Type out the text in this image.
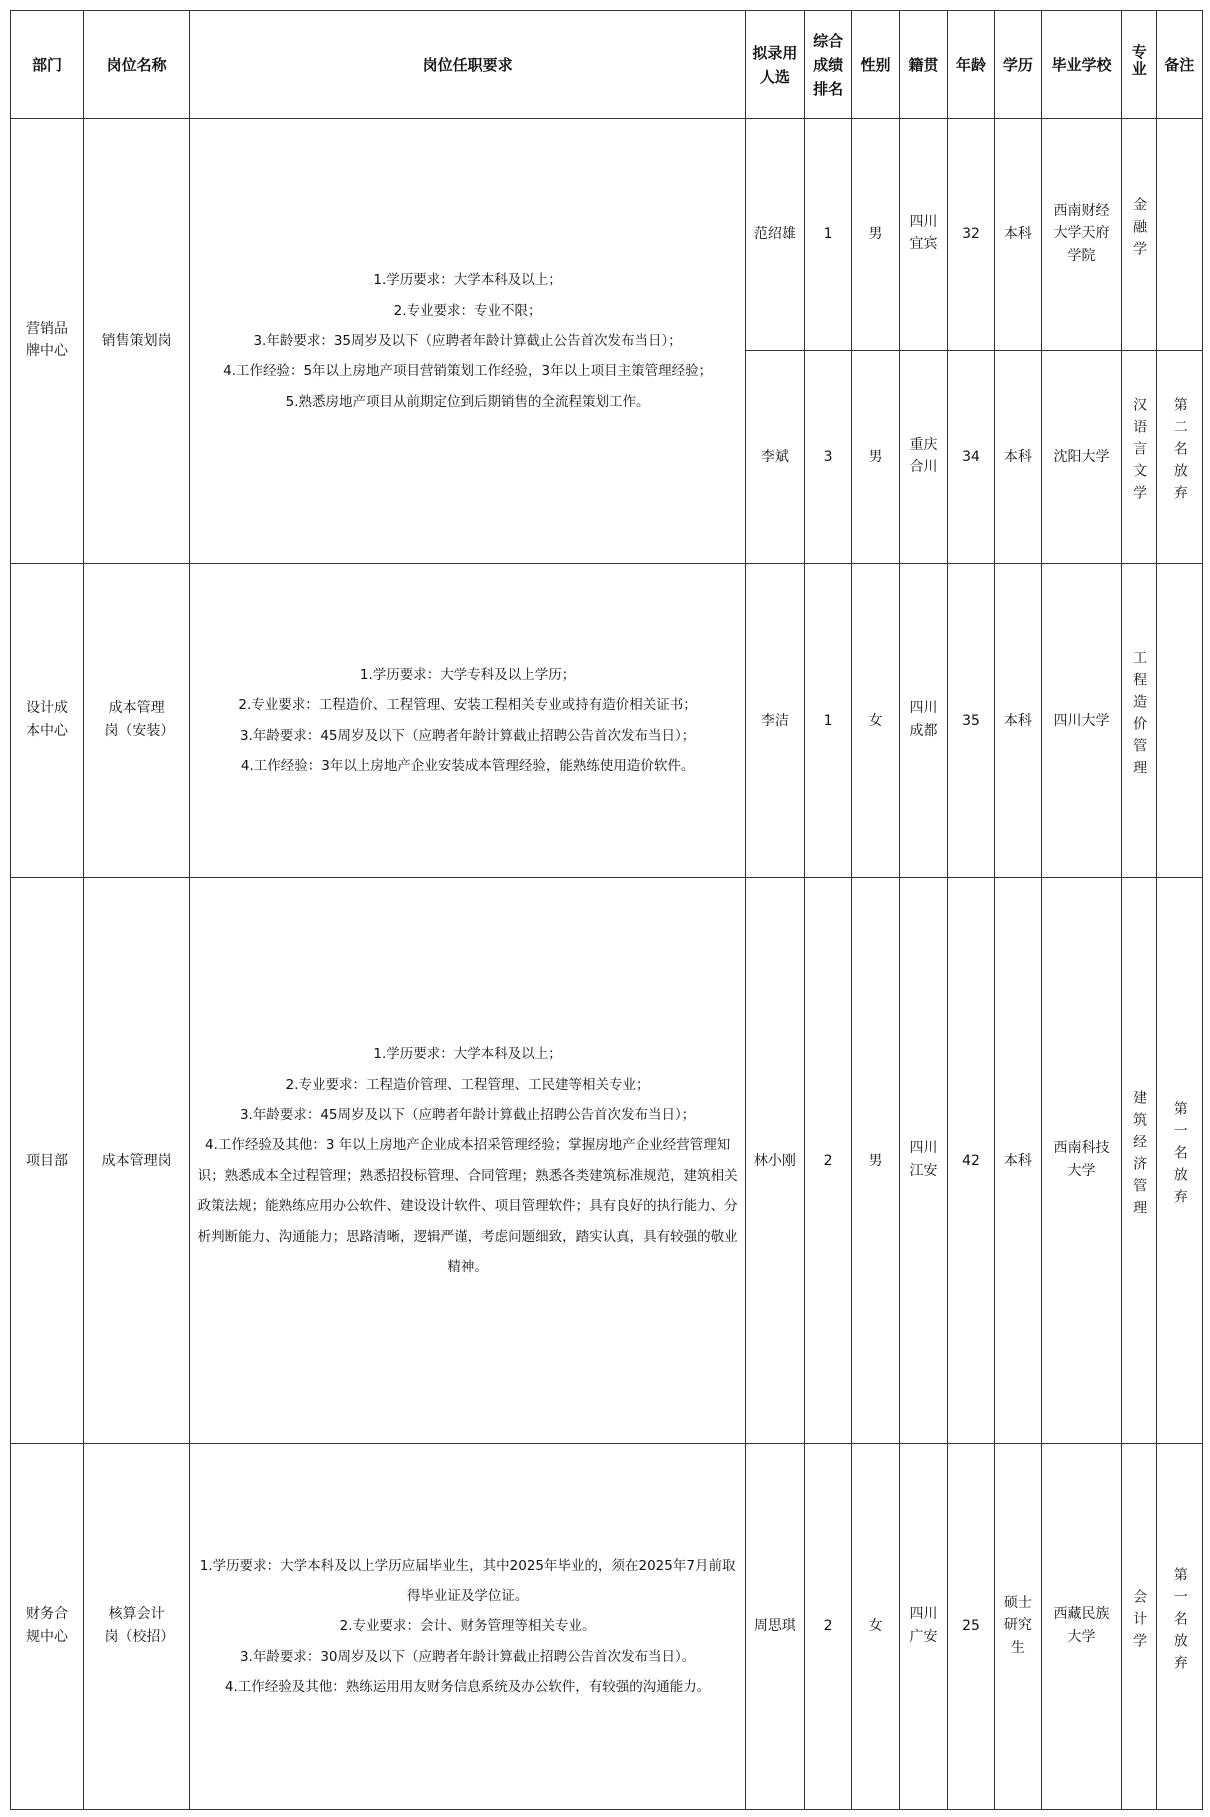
部门	岗位名称	岗位任职要求	拟录用人选	综合成绩排名	性别	籍贯	年龄	学历	毕业学校	专业	备注
营销品牌中心	销售策划岗	1.学历要求：大学本科及以上；
2.专业要求：专业不限；
3.年龄要求：35周岁及以下（应聘者年龄计算截止公告首次发布当日）；
4.工作经验：5年以上房地产项目营销策划工作经验，3年以上项目主策管理经验；
5.熟悉房地产项目从前期定位到后期销售的全流程策划工作。	范绍雄	1	男	四川宜宾	32	本科	西南财经大学天府学院	金融学	
			李斌	3	男	重庆合川	34	本科	沈阳大学	汉语言文学	第二名放弃
设计成本中心	成本管理岗（安装）	1.学历要求：大学专科及以上学历；
2.专业要求：工程造价、工程管理、安装工程相关专业或持有造价相关证书；
3.年龄要求：45周岁及以下（应聘者年龄计算截止招聘公告首次发布当日）；
4.工作经验：3年以上房地产企业安装成本管理经验，能熟练使用造价软件。	李洁	1	女	四川成都	35	本科	四川大学	工程造价管理	
项目部	成本管理岗	1.学历要求：大学本科及以上；
2.专业要求：工程造价管理、工程管理、工民建等相关专业；
3.年龄要求：45周岁及以下（应聘者年龄计算截止招聘公告首次发布当日）；
4.工作经验及其他：3 年以上房地产企业成本招采管理经验；掌握房地产企业经营管理知识；熟悉成本全过程管理；熟悉招投标管理、合同管理；熟悉各类建筑标准规范，建筑相关政策法规；能熟练应用办公软件、建设设计软件、项目管理软件；具有良好的执行能力、分析判断能力、沟通能力；思路清晰，逻辑严谨，考虑问题细致，踏实认真，具有较强的敬业精神。	林小刚	2	男	四川江安	42	本科	西南科技大学	建筑经济管理	第一名放弃
财务合规中心	核算会计岗（校招）	1.学历要求：大学本科及以上学历应届毕业生，其中2025年毕业的，须在2025年7月前取得毕业证及学位证。
2.专业要求：会计、财务管理等相关专业。
3.年龄要求：30周岁及以下（应聘者年龄计算截止招聘公告首次发布当日）。
4.工作经验及其他：熟练运用用友财务信息系统及办公软件，有较强的沟通能力。	周思琪	2	女	四川广安	25	硕士研究生	西藏民族大学	会计学	第一名放弃
